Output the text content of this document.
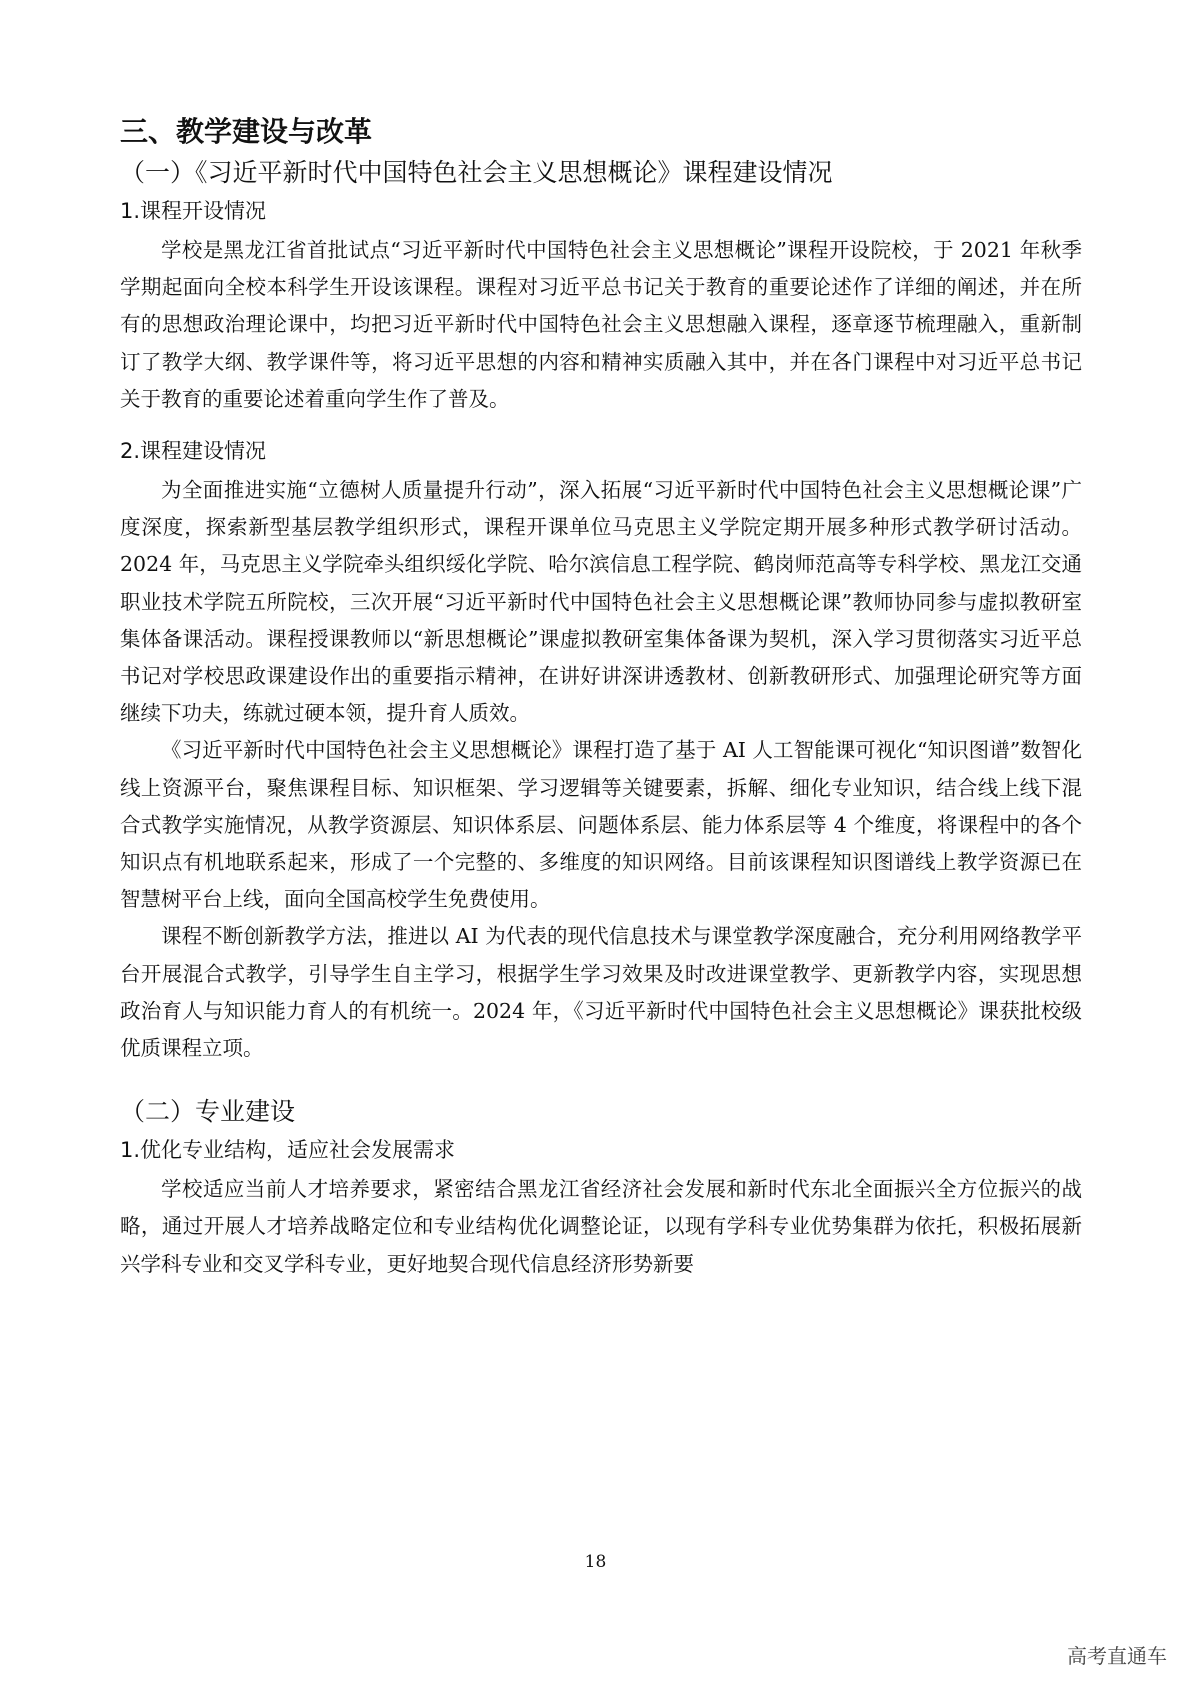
三、教学建设与改革
（一）《习近平新时代中国特色社会主义思想概论》课程建设情况
1.课程开设情况

学校是黑龙江省首批试点“习近平新时代中国特色社会主义思想概论”课程开设院校，于 2021 年秋季学期起面向全校本科学生开设该课程。课程对习近平总书记关于教育的重要论述作了详细的阐述，并在所有的思想政治理论课中，均把习近平新时代中国特色社会主义思想融入课程，逐章逐节梳理融入，重新制订了教学大纲、教学课件等，将习近平思想的内容和精神实质融入其中，并在各门课程中对习近平总书记关于教育的重要论述着重向学生作了普及。

2.课程建设情况

为全面推进实施“立德树人质量提升行动”，深入拓展“习近平新时代中国特色社会主义思想概论课”广度深度，探索新型基层教学组织形式，课程开课单位马克思主义学院定期开展多种形式教学研讨活动。2024 年，马克思主义学院牵头组织绥化学院、哈尔滨信息工程学院、鹤岗师范高等专科学校、黑龙江交通职业技术学院五所院校，三次开展“习近平新时代中国特色社会主义思想概论课”教师协同参与虚拟教研室集体备课活动。课程授课教师以“新思想概论”课虚拟教研室集体备课为契机，深入学习贯彻落实习近平总书记对学校思政课建设作出的重要指示精神，在讲好讲深讲透教材、创新教研形式、加强理论研究等方面继续下功夫，练就过硬本领，提升育人质效。

《习近平新时代中国特色社会主义思想概论》课程打造了基于 AI 人工智能课可视化“知识图谱”数智化线上资源平台，聚焦课程目标、知识框架、学习逻辑等关键要素，拆解、细化专业知识，结合线上线下混合式教学实施情况，从教学资源层、知识体系层、问题体系层、能力体系层等 4 个维度，将课程中的各个知识点有机地联系起来，形成了一个完整的、多维度的知识网络。目前该课程知识图谱线上教学资源已在智慧树平台上线，面向全国高校学生免费使用。

课程不断创新教学方法，推进以 AI 为代表的现代信息技术与课堂教学深度融合，充分利用网络教学平台开展混合式教学，引导学生自主学习，根据学生学习效果及时改进课堂教学、更新教学内容，实现思想政治育人与知识能力育人的有机统一。2024 年，《习近平新时代中国特色社会主义思想概论》课获批校级优质课程立项。

（二）专业建设
1.优化专业结构，适应社会发展需求

学校适应当前人才培养要求，紧密结合黑龙江省经济社会发展和新时代东北全面振兴全方位振兴的战略，通过开展人才培养战略定位和专业结构优化调整论证，以现有学科专业优势集群为依托，积极拓展新兴学科专业和交叉学科专业，更好地契合现代信息经济形势新要

18
高考直通车
